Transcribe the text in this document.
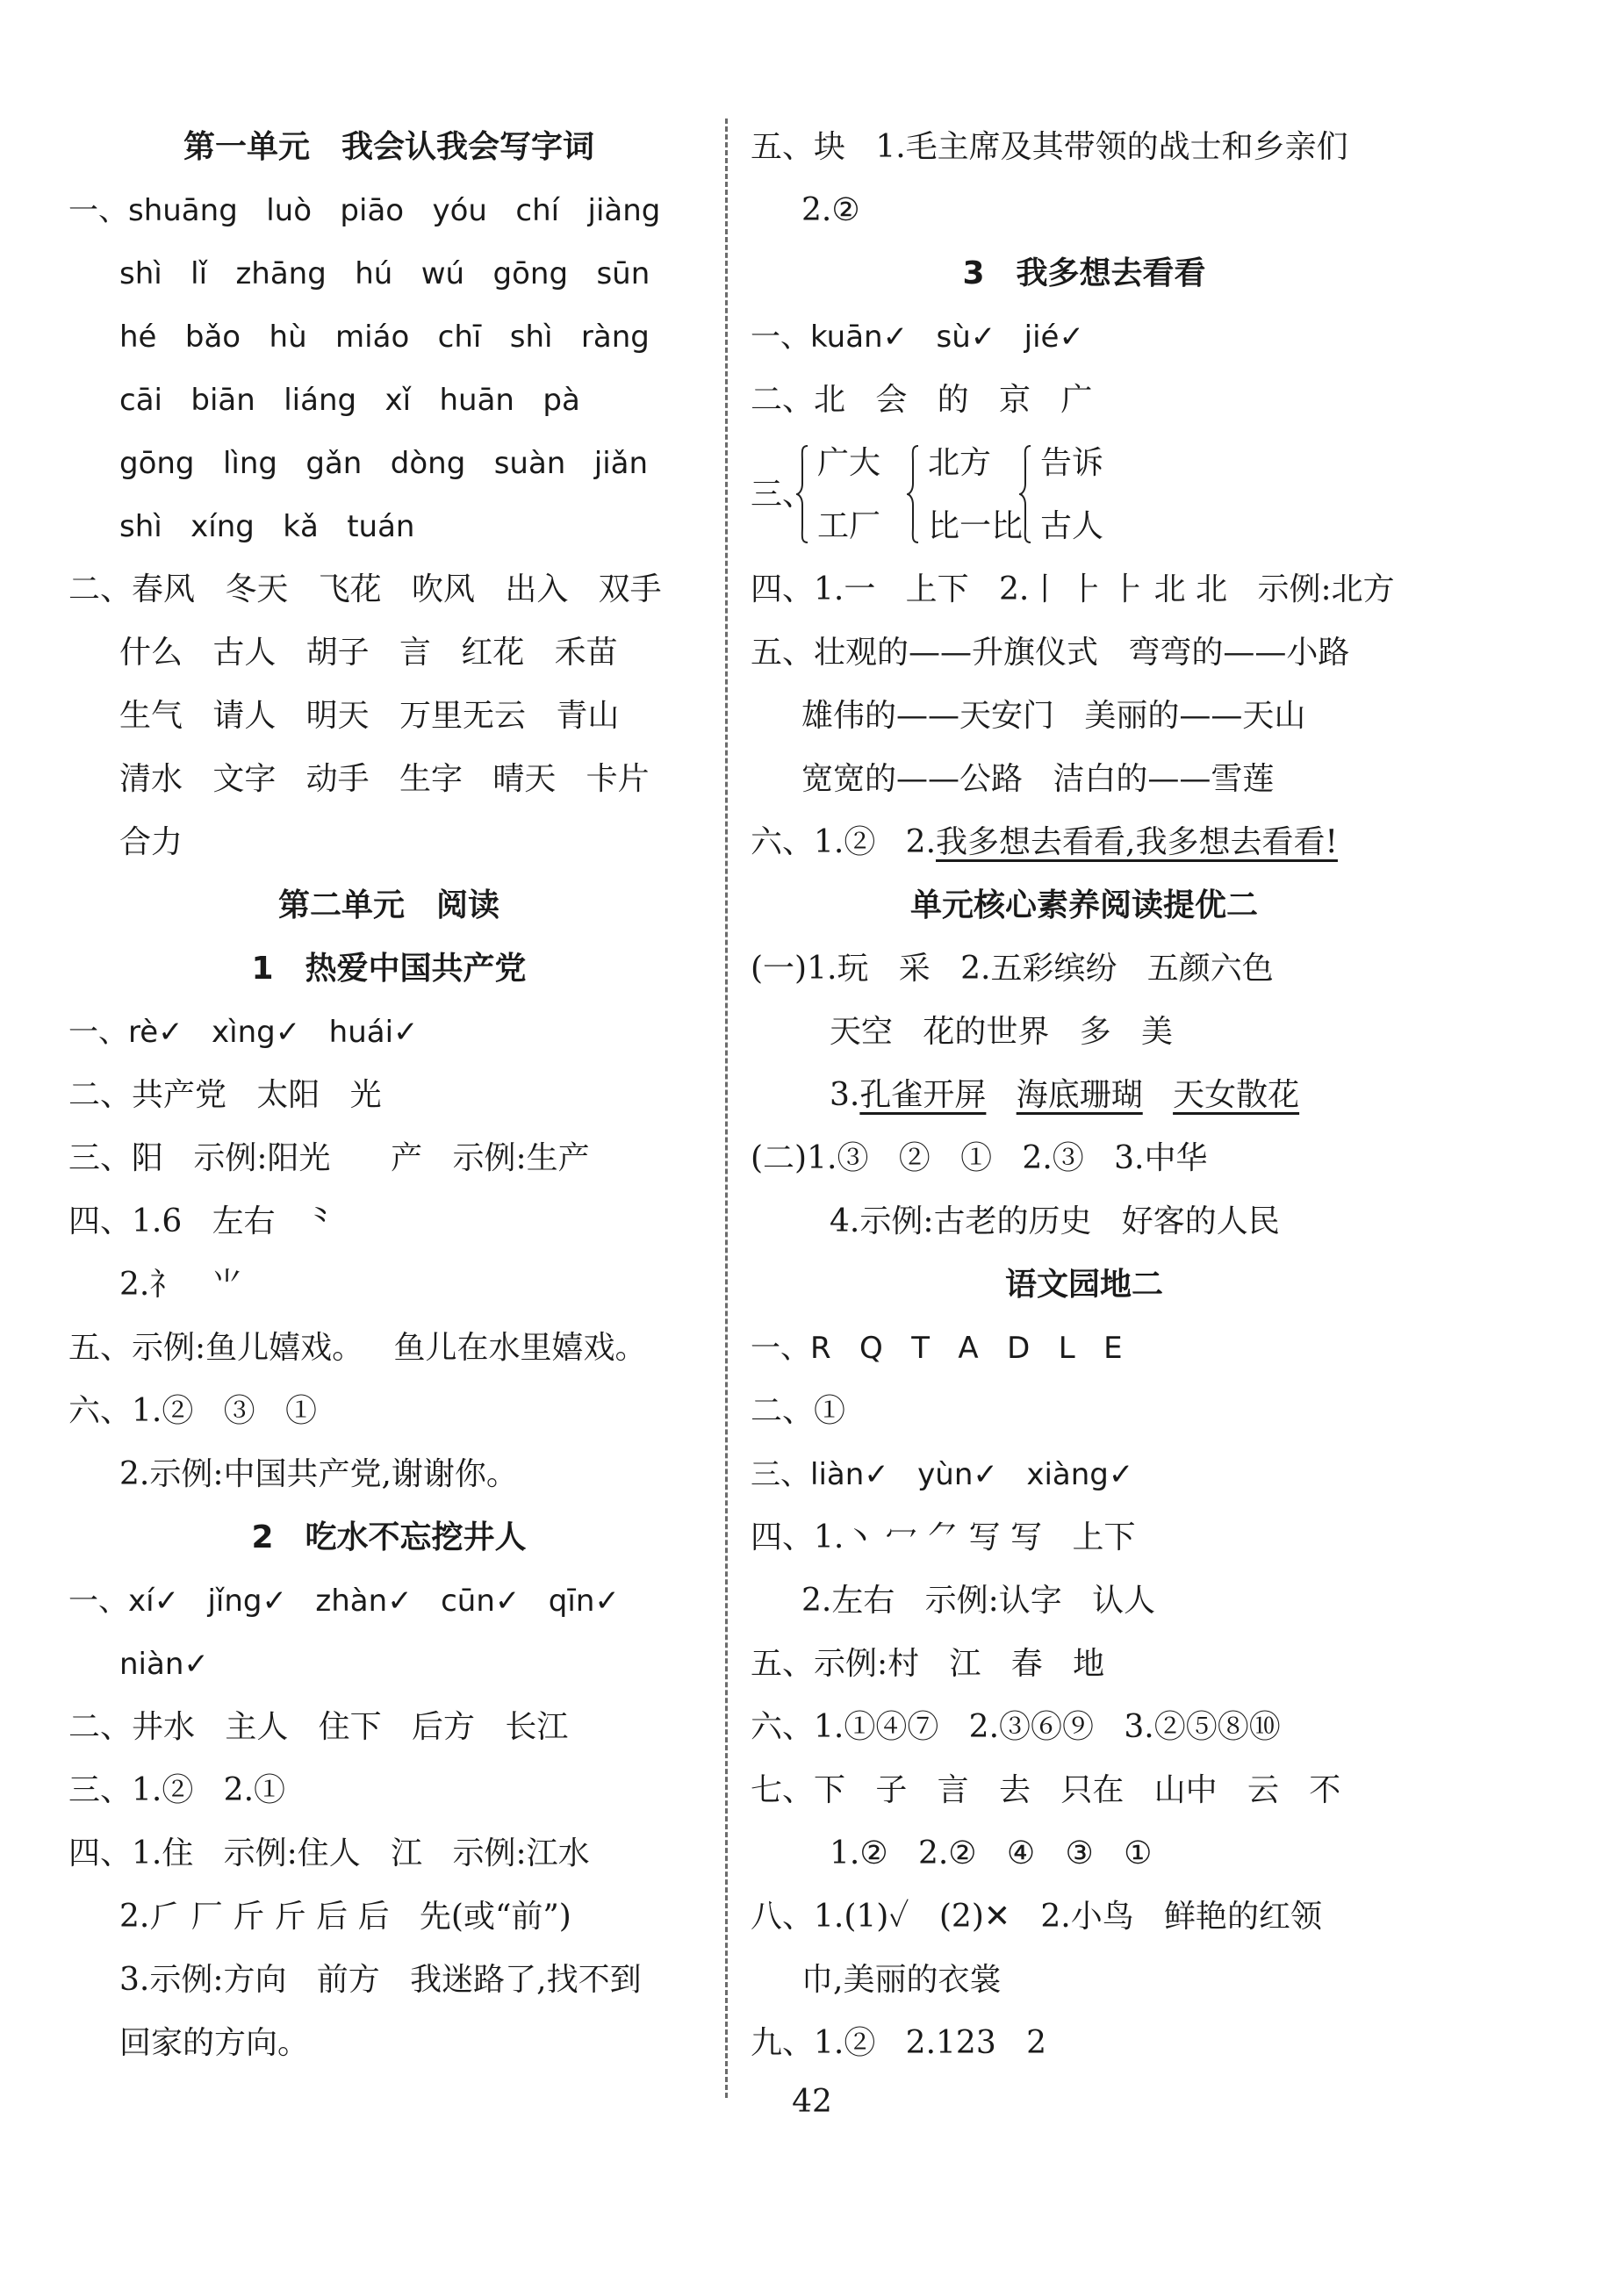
第一单元　我会认我会写字词
一、shuāng   luò   piāo   yóu   chí   jiàng
shì   lǐ   zhāng   hú   wú   gōng   sūn
hé   bǎo   hù   miáo   chī   shì   ràng
cāi   biān   liáng   xǐ   huān   pà
gōng   lìng   gǎn   dòng   suàn   jiǎn
shì   xíng   kǎ   tuán
二、春风   冬天   飞花   吹风   出入   双手
什么   古人   胡子   言   红花   禾苗
生气   请人   明天   万里无云   青山
清水   文字   动手   生字   晴天   卡片
合力
第二单元　阅读
1　热爱中国共产党
一、rè✓   xìng✓   huái✓
二、共产党   太阳   光
三、阳   示例:阳光      产   示例:生产
四、1.6   左右   ⺀
2.礻   ⺌
五、示例:鱼儿嬉戏。   鱼儿在水里嬉戏。
六、1.②   ③   ①
2.示例:中国共产党,谢谢你。
2　吃水不忘挖井人
一、xí✓   jǐng✓   zhàn✓   cūn✓   qīn✓
niàn✓
二、井水   主人   住下   后方   长江
三、1.②   2.①
四、1.住   示例:住人   江   示例:江水
2.⺁ 厂 斤 斤 后 后   先(或“前”)
3.示例:方向   前方   我迷路了,找不到
回家的方向。
五、块   1.毛主席及其带领的战士和乡亲们
2.②
3　我多想去看看
一、kuān✓   sù✓   jié✓
二、北   会   的   京   广
三、
广大
工厂
北方
比一比
告诉
古人
四、1.⼀   上下   2.丨 ⺊ ⺊ 北 北   示例:北方
五、壮观的——升旗仪式   弯弯的——小路
雄伟的——天安门   美丽的——天山
宽宽的——公路   洁白的——雪莲
六、1.②   2.我多想去看看,我多想去看看!
单元核心素养阅读提优二
(一)1.玩   采   2.五彩缤纷   五颜六色
天空   花的世界   多   美
3.孔雀开屏 海底珊瑚 天女散花
(二)1.③   ②   ①   2.③   3.中华
4.示例:古老的历史   好客的人民
语文园地二
一、R   Q   T   A   D   L   E
二、①
三、liàn✓   yùn✓   xiàng✓
四、1.⼂ 冖 ⺈ 写 写   上下
2.左右   示例:认字   认人
五、示例:村   江   春   地
六、1.①④⑦   2.③⑥⑨   3.②⑤⑧⑩
七、下   子   言   去   只在   山中   云   不
1.②   2.②   ④   ③   ①
八、1.(1)✓   (2)✕   2.小鸟   鲜艳的红领
巾,美丽的衣裳
九、1.②   2.123   2
42
